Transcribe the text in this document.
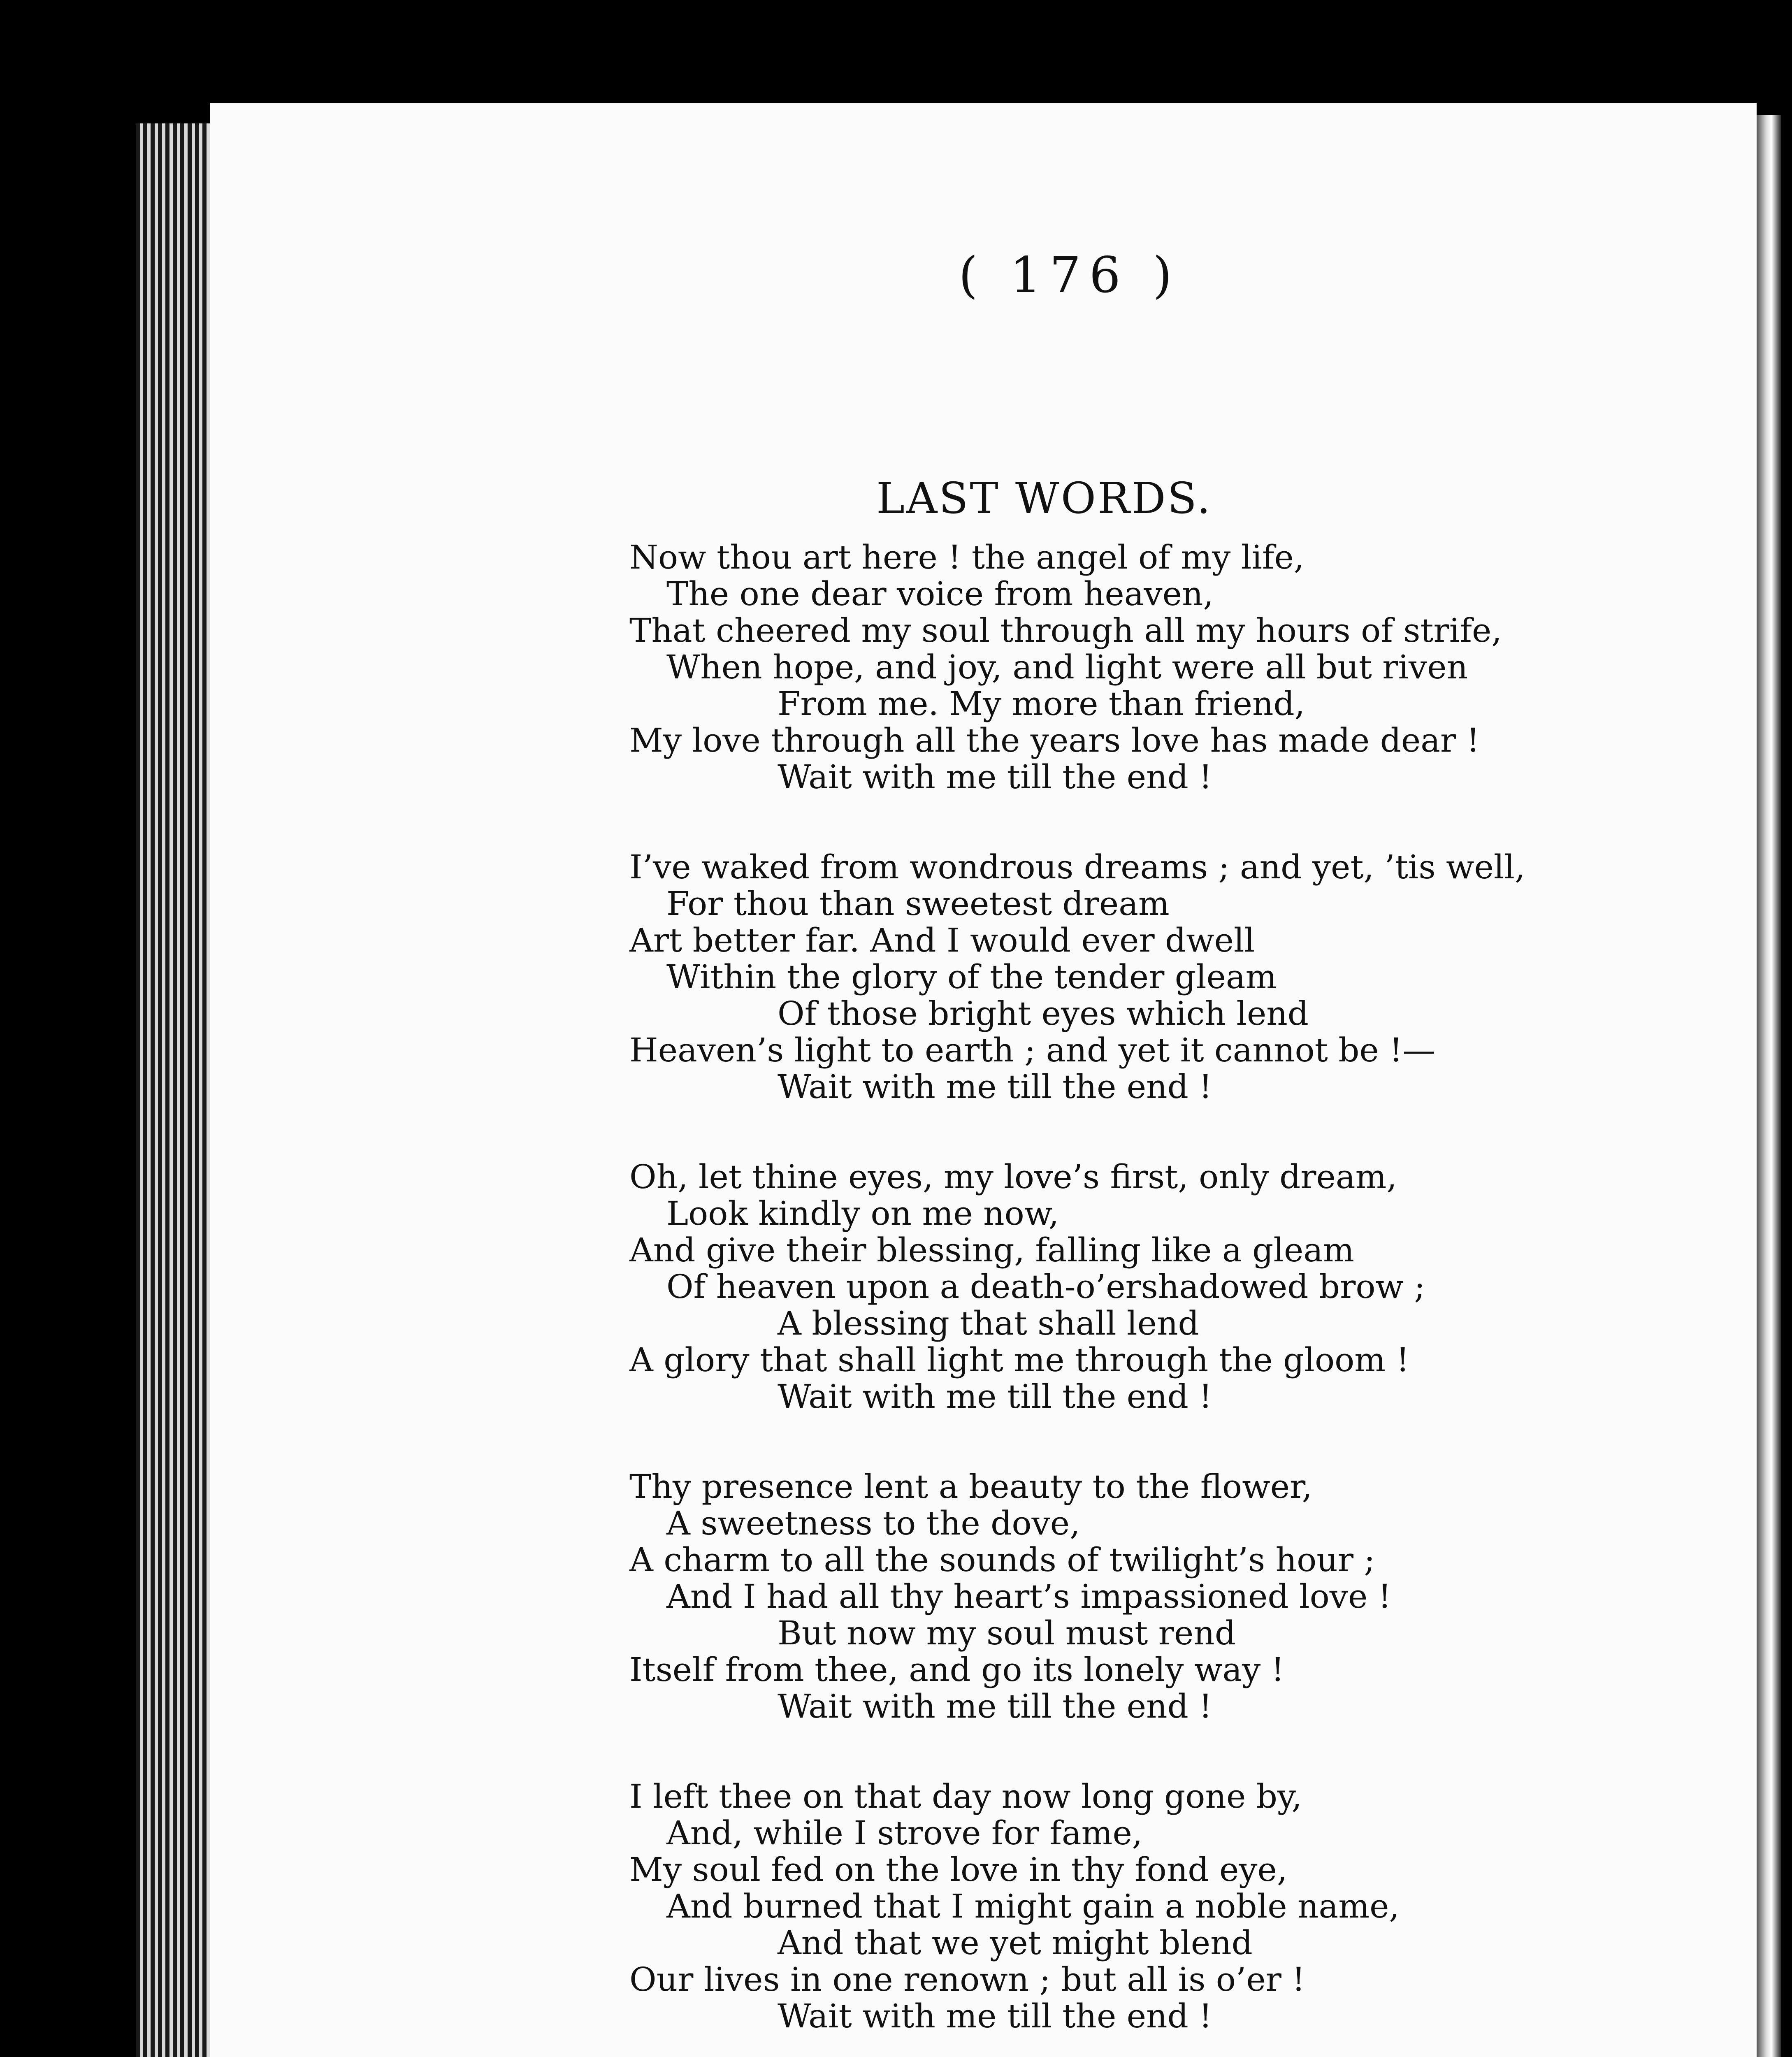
( 176 )
LAST WORDS.
Now thou art here ! the angel of my life,
The one dear voice from heaven,
That cheered my soul through all my hours of strife,
When hope, and joy, and light were all but riven
From me. My more than friend,
My love through all the years love has made dear !
Wait with me till the end !
I’ve waked from wondrous dreams ; and yet, ’tis well,
For thou than sweetest dream
Art better far. And I would ever dwell
Within the glory of the tender gleam
Of those bright eyes which lend
Heaven’s light to earth ; and yet it cannot be !—
Wait with me till the end !
Oh, let thine eyes, my love’s first, only dream,
Look kindly on me now,
And give their blessing, falling like a gleam
Of heaven upon a death-o’ershadowed brow ;
A blessing that shall lend
A glory that shall light me through the gloom !
Wait with me till the end !
Thy presence lent a beauty to the flower,
A sweetness to the dove,
A charm to all the sounds of twilight’s hour ;
And I had all thy heart’s impassioned love !
But now my soul must rend
Itself from thee, and go its lonely way !
Wait with me till the end !
I left thee on that day now long gone by,
And, while I strove for fame,
My soul fed on the love in thy fond eye,
And burned that I might gain a noble name,
And that we yet might blend
Our lives in one renown ; but all is o’er !
Wait with me till the end !
